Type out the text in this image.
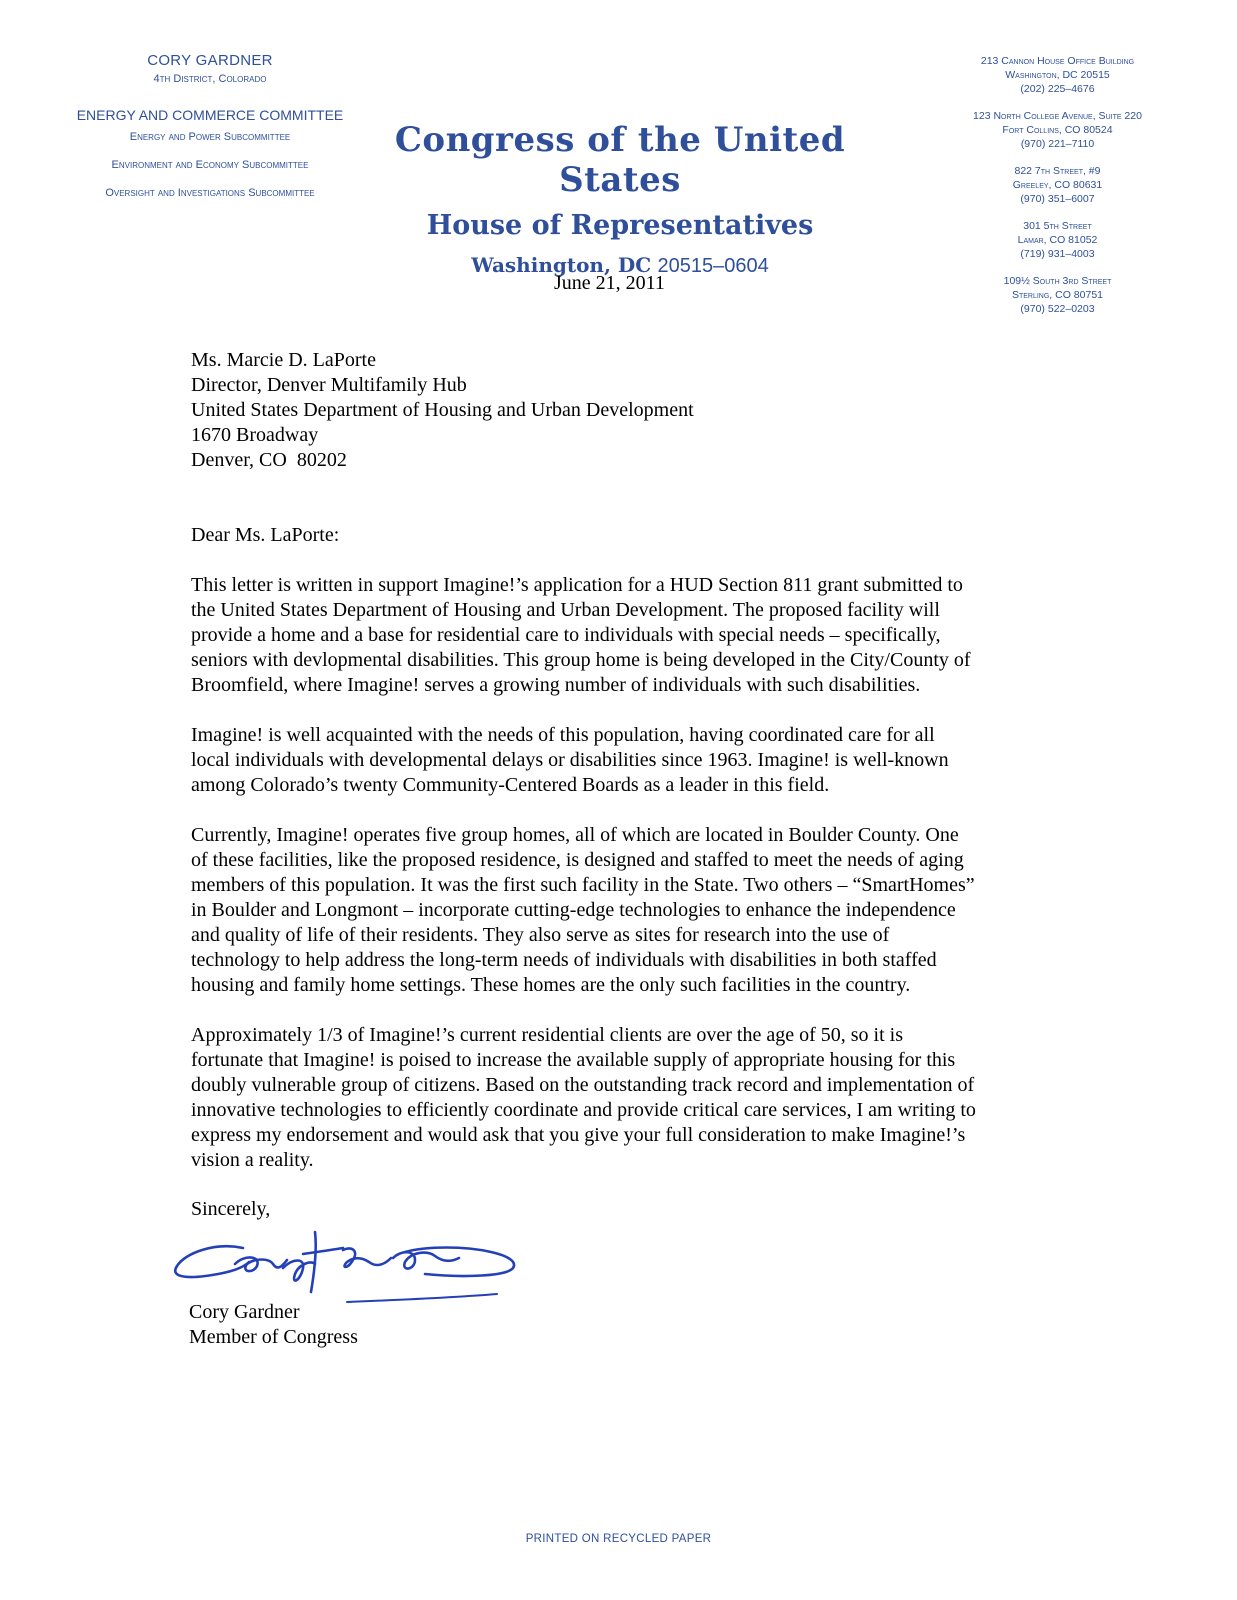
CORY GARDNER
4th District, Colorado
ENERGY AND COMMERCE COMMITTEE
Energy and Power Subcommittee
Environment and Economy Subcommittee
Oversight and Investigations Subcommittee
Congress of the United States
House of Representatives
Washington, DC 20515–0604
213 Cannon House Office Building
Washington, DC 20515
(202) 225–4676
123 North College Avenue, Suite 220
Fort Collins, CO 80524
(970) 221–7110
822 7th Street, #9
Greeley, CO 80631
(970) 351–6007
301 5th Street
Lamar, CO 81052
(719) 931–4003
109½ South 3rd Street
Sterling, CO 80751
(970) 522–0203
June 21, 2011
Ms. Marcie D. LaPorte
Director, Denver Multifamily Hub
United States Department of Housing and Urban Development
1670 Broadway
Denver, CO  80202
Dear Ms. LaPorte:

This letter is written in support Imagine!’s application for a HUD Section 811 grant submitted to
the United States Department of Housing and Urban Development. The proposed facility will
provide a home and a base for residential care to individuals with special needs – specifically,
seniors with devlopmental disabilities. This group home is being developed in the City/County of
Broomfield, where Imagine! serves a growing number of individuals with such disabilities.

Imagine! is well acquainted with the needs of this population, having coordinated care for all
local individuals with developmental delays or disabilities since 1963. Imagine! is well-known
among Colorado’s twenty Community-Centered Boards as a leader in this field.

Currently, Imagine! operates five group homes, all of which are located in Boulder County. One
of these facilities, like the proposed residence, is designed and staffed to meet the needs of aging
members of this population. It was the first such facility in the State. Two others – “SmartHomes”
in Boulder and Longmont – incorporate cutting-edge technologies to enhance the independence
and quality of life of their residents. They also serve as sites for research into the use of
technology to help address the long-term needs of individuals with disabilities in both staffed
housing and family home settings. These homes are the only such facilities in the country.

Approximately 1/3 of Imagine!’s current residential clients are over the age of 50, so it is
fortunate that Imagine! is poised to increase the available supply of appropriate housing for this
doubly vulnerable group of citizens. Based on the outstanding track record and implementation of
innovative technologies to efficiently coordinate and provide critical care services, I am writing to
express my endorsement and would ask that you give your full consideration to make Imagine!’s
vision a reality.

Sincerely,
Cory Gardner
Member of Congress
PRINTED ON RECYCLED PAPER
